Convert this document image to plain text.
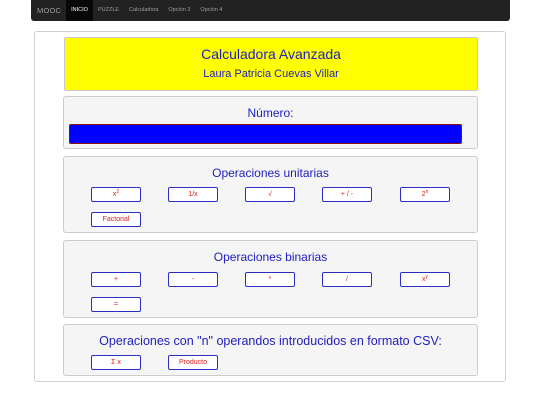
MOOC	INICIO	PUZZLE	Calculadora	Opción 3	Opción 4
Calculadora Avanzada
Laura Patricia Cuevas Villar
Número:
Operaciones unitarias
$x^2$	1/x	√	+ / -	2$^n$
Factorial
Operaciones binarias
+	-	*	/	$x^y$
=
Operaciones con "n" operandos introducidos en formato CSV:
Σ x	Producto
